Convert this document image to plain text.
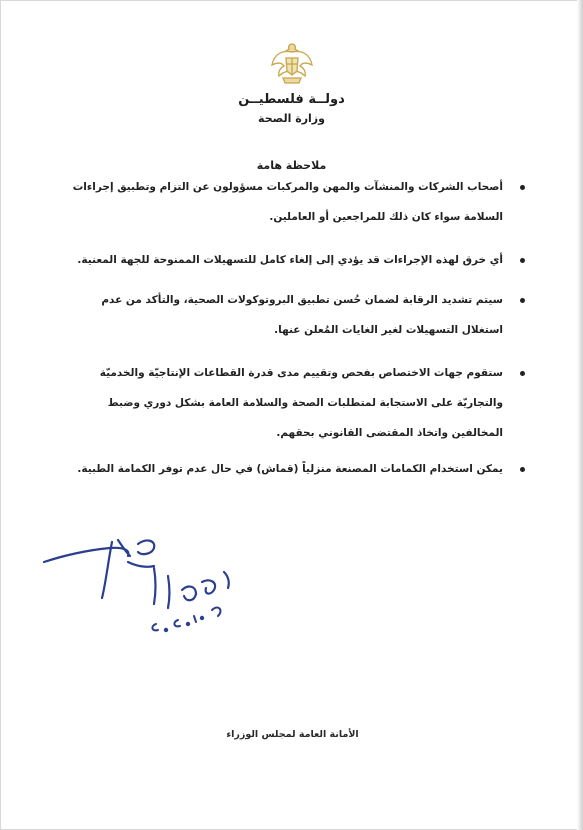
دولــة فلسطيــن
وزارة الصحة
ملاحظة هامة
أصحاب الشركات والمنشآت والمهن والمركبات مسؤولون عن التزام وتطبيق إجراءات السلامة سواء كان ذلك للمراجعين أو العاملين.
أي خرق لهذه الإجراءات قد يؤدي إلى إلغاء كامل للتسهيلات الممنوحة للجهة المعنية.
سيتم تشديد الرقابة لضمان حُسن تطبيق البروتوكولات الصحية، والتأكد من عدم استغلال التسهيلات لغير الغايات المُعلن عنها.
ستقوم جهات الاختصاص بفحص وتقييم مدى قدرة القطاعات الإنتاجيّة والخدميّة والتجاريّة على الاستجابة لمتطلبات الصحة والسلامة العامة بشكل دوري وضبط المخالفين واتخاذ المقتضى القانوني بحقهم.
يمكن استخدام الكمامات المصنعة منزلياً (قماش) في حال عدم توفر الكمامة الطبية.
الأمانة العامة لمجلس الوزراء
